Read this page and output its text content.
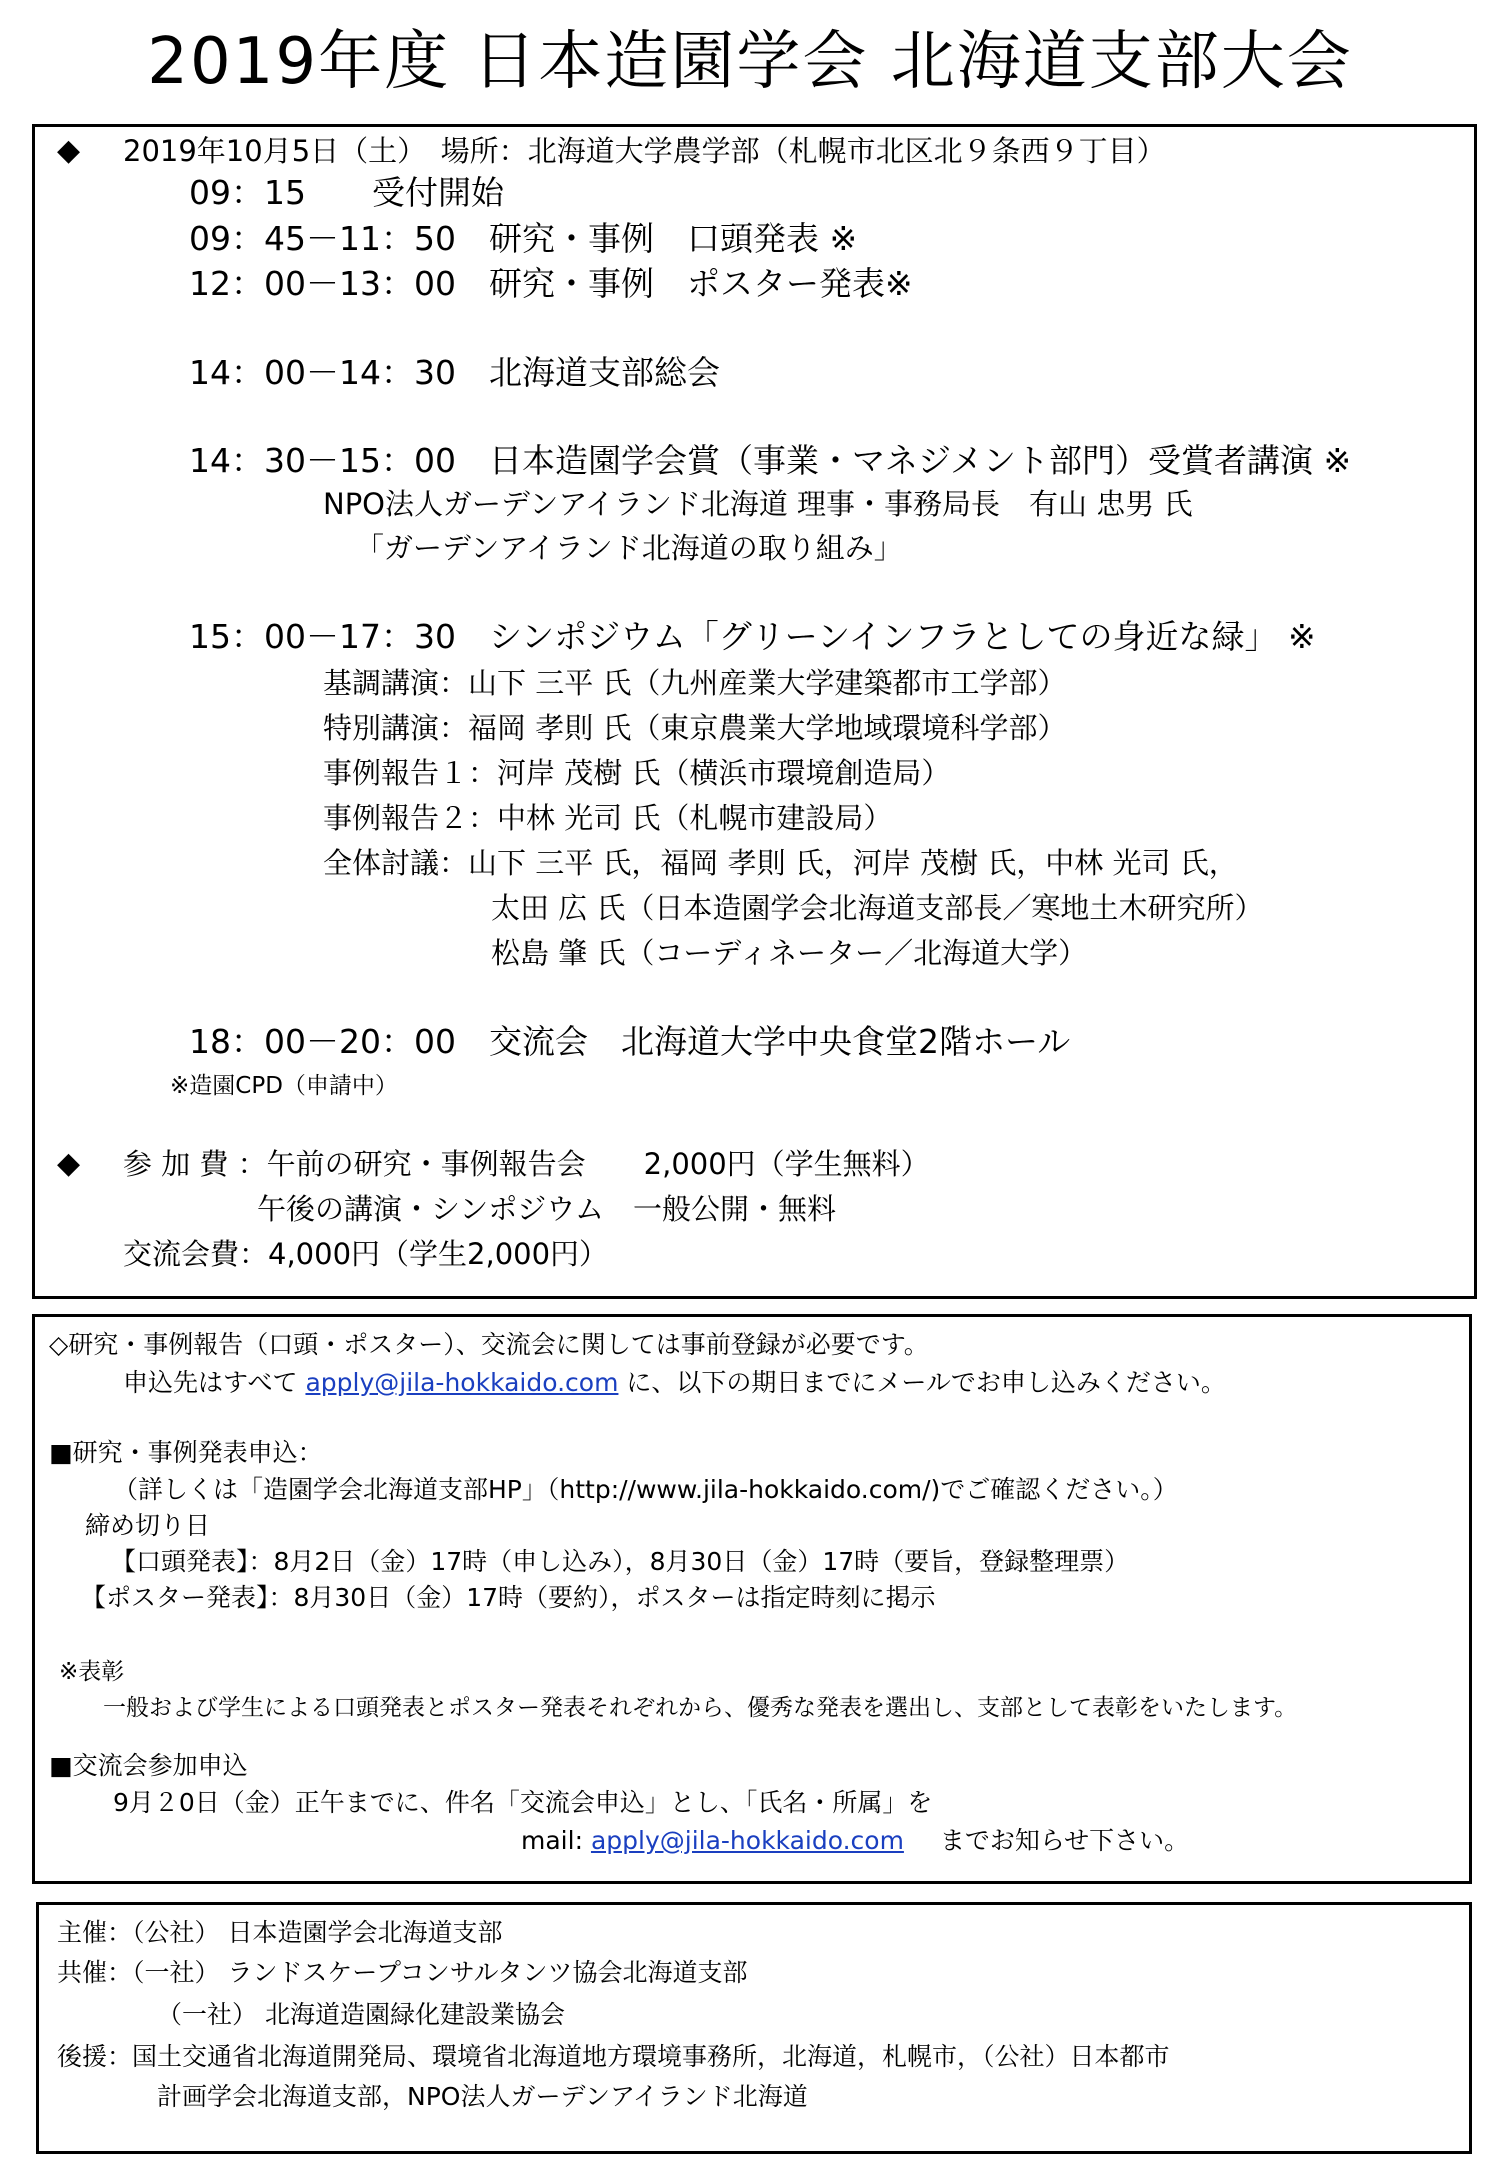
2019年度 日本造園学会 北海道支部大会
◆ 2019年10月5日（土）　場所：北海道大学農学部（札幌市北区北９条西９丁目）
09：15　　受付開始
09：45－11：50　研究・事例　口頭発表 ※
12：00－13：00　研究・事例　ポスター発表※
14：00－14：30　北海道支部総会
14：30－15：00　日本造園学会賞（事業・マネジメント部門）受賞者講演 ※
NPO法人ガーデンアイランド北海道 理事・事務局長　有山 忠男 氏
「ガーデンアイランド北海道の取り組み」
15：00－17：30　シンポジウム「グリーンインフラとしての身近な緑」 ※
基調講演：山下 三平 氏（九州産業大学建築都市工学部）
特別講演：福岡 孝則 氏（東京農業大学地域環境科学部）
事例報告１：河岸 茂樹 氏（横浜市環境創造局）
事例報告２：中林 光司 氏（札幌市建設局）
全体討議：山下 三平 氏，福岡 孝則 氏，河岸 茂樹 氏，中林 光司 氏，
太田 広 氏（日本造園学会北海道支部長／寒地土木研究所）
松島 肇 氏（コーディネーター／北海道大学）
18：00－20：00　交流会　北海道大学中央食堂2階ホール
※造園CPD（申請中）
◆ 参 加 費 ：午前の研究・事例報告会　　2,000円（学生無料）
午後の講演・シンポジウム　一般公開・無料
交流会費：4,000円（学生2,000円）
◇研究・事例報告（口頭・ポスター）、交流会に関しては事前登録が必要です。
申込先はすべて apply@jila-hokkaido.com に、以下の期日までにメールでお申し込みください。
■研究・事例発表申込：
（詳しくは「造園学会北海道支部HP」（http://www.jila-hokkaido.com/)でご確認ください。）
締め切り日
【口頭発表】：8月2日（金）17時（申し込み），8月30日（金）17時（要旨，登録整理票）
【ポスター発表】：8月30日（金）17時（要約），ポスターは指定時刻に掲示
※表彰
一般および学生による口頭発表とポスター発表それぞれから、優秀な発表を選出し、支部として表彰をいたします。
■交流会参加申込
9月２0日（金）正午までに、件名「交流会申込」とし、「氏名・所属」を
mail: apply@jila-hokkaido.com までお知らせ下さい。
主催：（公社） 日本造園学会北海道支部
共催：（一社） ランドスケープコンサルタンツ協会北海道支部
（一社） 北海道造園緑化建設業協会
後援：国土交通省北海道開発局、環境省北海道地方環境事務所，北海道，札幌市，（公社）日本都市
計画学会北海道支部，NPO法人ガーデンアイランド北海道
